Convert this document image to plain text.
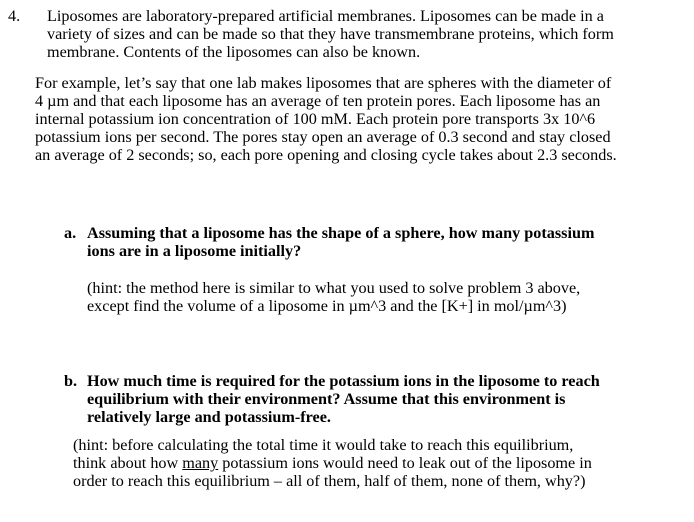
4. Liposomes are laboratory-prepared artificial membranes. Liposomes can be made in a
variety of sizes and can be made so that they have transmembrane proteins, which form
membrane. Contents of the liposomes can also be known.
For example, let’s say that one lab makes liposomes that are spheres with the diameter of
4 µm and that each liposome has an average of ten protein pores. Each liposome has an
internal potassium ion concentration of 100 mM. Each protein pore transports 3x 10^6
potassium ions per second. The pores stay open an average of 0.3 second and stay closed
an average of 2 seconds; so, each pore opening and closing cycle takes about 2.3 seconds.
a. Assuming that a liposome has the shape of a sphere, how many potassium
ions are in a liposome initially?
(hint: the method here is similar to what you used to solve problem 3 above,
except find the volume of a liposome in µm^3 and the [K+] in mol/µm^3)
b. How much time is required for the potassium ions in the liposome to reach
equilibrium with their environment? Assume that this environment is
relatively large and potassium-free.
(hint: before calculating the total time it would take to reach this equilibrium,
think about how many potassium ions would need to leak out of the liposome in
order to reach this equilibrium – all of them, half of them, none of them, why?)
